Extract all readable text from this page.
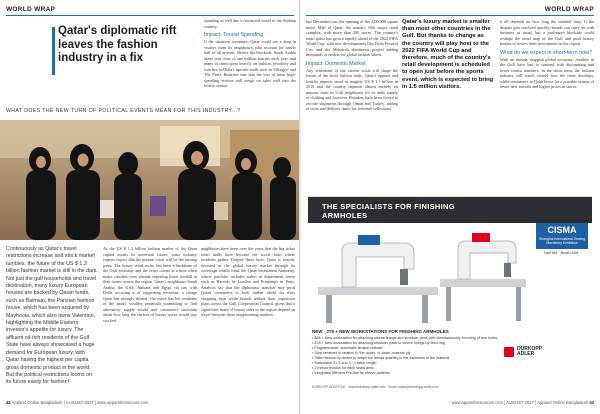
WORLD WRAP
Qatar's diplomatic rift leaves the fashion industry in a fix
spending as well due to restricted travel to the Arabian country.
Impact: Tourist Spending
If the situation continues, Qatar could see a drop in visitors from its neighbours, who account for nearly half of all arrivals. Before the blockade, Saudi Arabia alone sent close to one million tourists each year, and many of them spent heavily on fashion, jewellery and watches in Doha's upscale malls such as Villaggio and The Pearl. Retailers fear that the loss of these high-spending visitors will weigh on sales well into the festive season.
WHAT DOES THE NEW TURN OF POLITICAL EVENTS MEAN FOR THIS INDUSTRY...?
Continuously as Qatar's travel restrictions increase and stock market tumbles, the future of the US $ 1.3 billion fashion market is still in the dark. Not just the gulf households and travel destination, many luxury European houses are backed by Qatari funds, such as Balmain, the Parisian fashion house, which has been acquired by Mayhoola, which also owns Valentino, highlighting the Middle Eastern investor's appetite for luxury. The affluent oil-rich residents of the Gulf State have always showcased a huge demand for European luxury, with Qatar having the highest per capita gross domestic product in the world. But the political restrictions looms on its future easily for fashion!
As the US $ 1.3 billion fashion market of the Qatar capital awaits its uncertain future, some industry experts expect that the present crisis will be the turning point. The luxury retail sector has been a backbone of the Gulf economy and the crisis comes at a time when major retailers were already reporting lower footfall in their stores across the region. Qatar's neighbours Saudi Arabia, the UAE, Bahrain and Egypt cut ties with Doha, accusing it of supporting terrorism, a charge Qatar has strongly denied. The move has left residents of the small, wealthy peninsula scrambling to find alternative supply routes and consumers uncertain about how long the shelves of luxury stores would stay stocked.
neighbours have been over the years that the big ticket retail malls have become the social hubs where residents gather. Despite these facts, Qatar is heavily invested in the global luxury market through its sovereign wealth fund, the Qatar Investment Authority, whose portfolio includes stakes in department stores such as Harrods in London and Printemps in Paris. Analysts say that the diplomatic standoff may push Qatari consumers to look further afield for their shopping trips while brands rethink their expansion plans across the Gulf Cooperation Council, given that a significant share of luxury sales in the region depend on travel between these neighbouring markets.
42 Apparel Online Bangladesh | AUGUST 2017 | www.apparelresources.com
WORLD WRAP
last December saw the opening of the 3,00,000 square metre Mall of Qatar, the nation's 16th major retail complex, with more than 200 stores. The country's retail space has grown rapidly ahead of the 2022 FIFA World Cup, with new developments like Doha Festival City and the Msheireb downtown project adding thousands of outlets for global fashion labels.
Impact: Domestic Market
Any settlement of the current crisis will shape the future of the local fashion trade. Qatar's apparel and textiles imports stood at roughly US $ 1.3 billion in 2016 and the country depends almost entirely on imports from its Gulf neighbours for its daily supply of clothing and footwear. Retailers have been forced to reroute shipments through Oman and Turkey, adding to costs and delivery times for seasonal collections.
Qatar's luxury market is smaller than most other countries in the Gulf. But thanks to change as the country will play host to the 2022 FIFA World Cup and therefore, much of the country's retail development is scheduled to open just before the sports event, which is expected to bring in 1.5 million visitors.
it all depends on how long the standoff lasts. If the dispute gets resolved quickly, brands can carry on with business as usual, but a prolonged blockade could reshape the retail map of the Gulf and push luxury houses to review their investments in the region.
What do we expect in short-term now?
With an already sluggish global economy, retailers in the Gulf have had to contend with discounting and lower tourist numbers. In the short term, the fashion industry will watch closely how the crisis develops, while consumers in Qatar brace for a possible season of fewer new arrivals and higher prices in stores.
THE SPECIALISTS FOR FINISHING ARMHOLES
CISMA
Shanghai International Sewing Machinery Exhibition
Hall W4 · Booth A08
NEW · 275 + NEW WORKSTATIONS FOR FINISHING ARMHOLES
▪ 868 + New workstation for attaching sleeve linings and shoulder pads with simultaneously trimming of arm holes
▪ 878 + New workstation for attaching shoulder pads to sleeve linings by feed dog
▪ Programmable, automatic tension release
▪ Stop centered in relation to the upper- or lower-material ply
▪ Stitch beams by device to adapt the thread quantity to the thickness of the material
▪ Switchable 2 / 3 and 3 / 4 stitch length
▪ 2 thread tension for each seam area
▪ Integrated Efficient Pre-Set for sleeve patterns
DÜRKOPP
ADLER
DÜRKOPP ADLER AG · www.duerkopp-adler.com · Email: sales@duerkopp-adler.com
www.apparelresources.com | AUGUST 2017 | Apparel Online Bangladesh 43
